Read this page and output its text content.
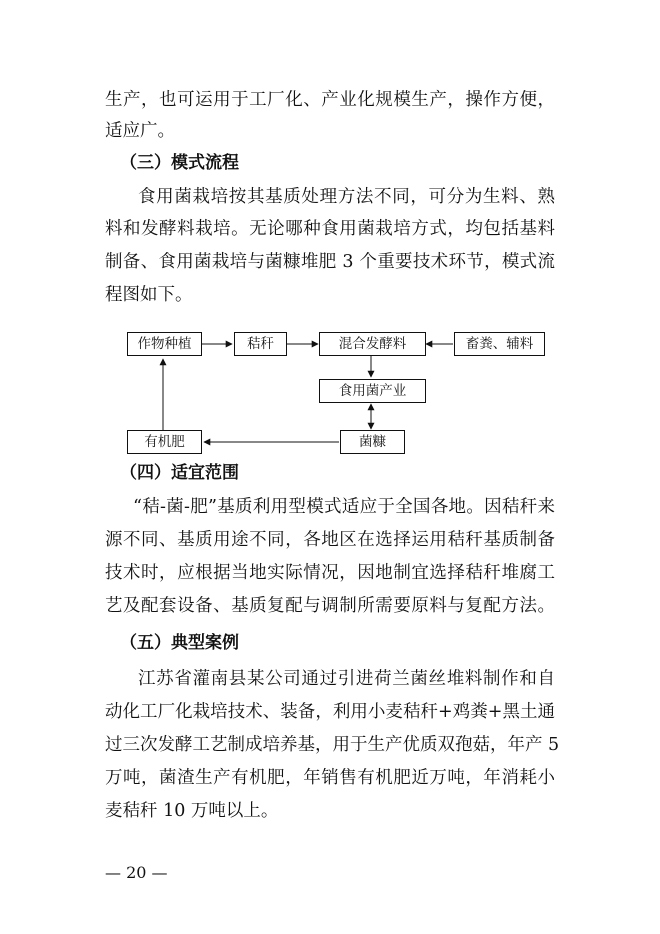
生产，也可运用于工厂化、产业化规模生产，操作方便，
适应广。
（三）模式流程
食用菌栽培按其基质处理方法不同，可分为生料、熟
料和发酵料栽培。无论哪种食用菌栽培方式，均包括基料
制备、食用菌栽培与菌糠堆肥 3 个重要技术环节，模式流
程图如下。
作物种植	秸秆	混合发酵料	畜粪、辅料
食用菌产业
有机肥	菌糠
（四）适宜范围
“秸-菌-肥”基质利用型模式适应于全国各地。因秸秆来
源不同、基质用途不同，各地区在选择运用秸秆基质制备
技术时，应根据当地实际情况，因地制宜选择秸秆堆腐工
艺及配套设备、基质复配与调制所需要原料与复配方法。
（五）典型案例
江苏省灌南县某公司通过引进荷兰菌丝堆料制作和自
动化工厂化栽培技术、装备，利用小麦秸秆+鸡粪+黑土通
过三次发酵工艺制成培养基，用于生产优质双孢菇，年产 5
万吨，菌渣生产有机肥，年销售有机肥近万吨，年消耗小
麦秸秆 10 万吨以上。
— 20 —
